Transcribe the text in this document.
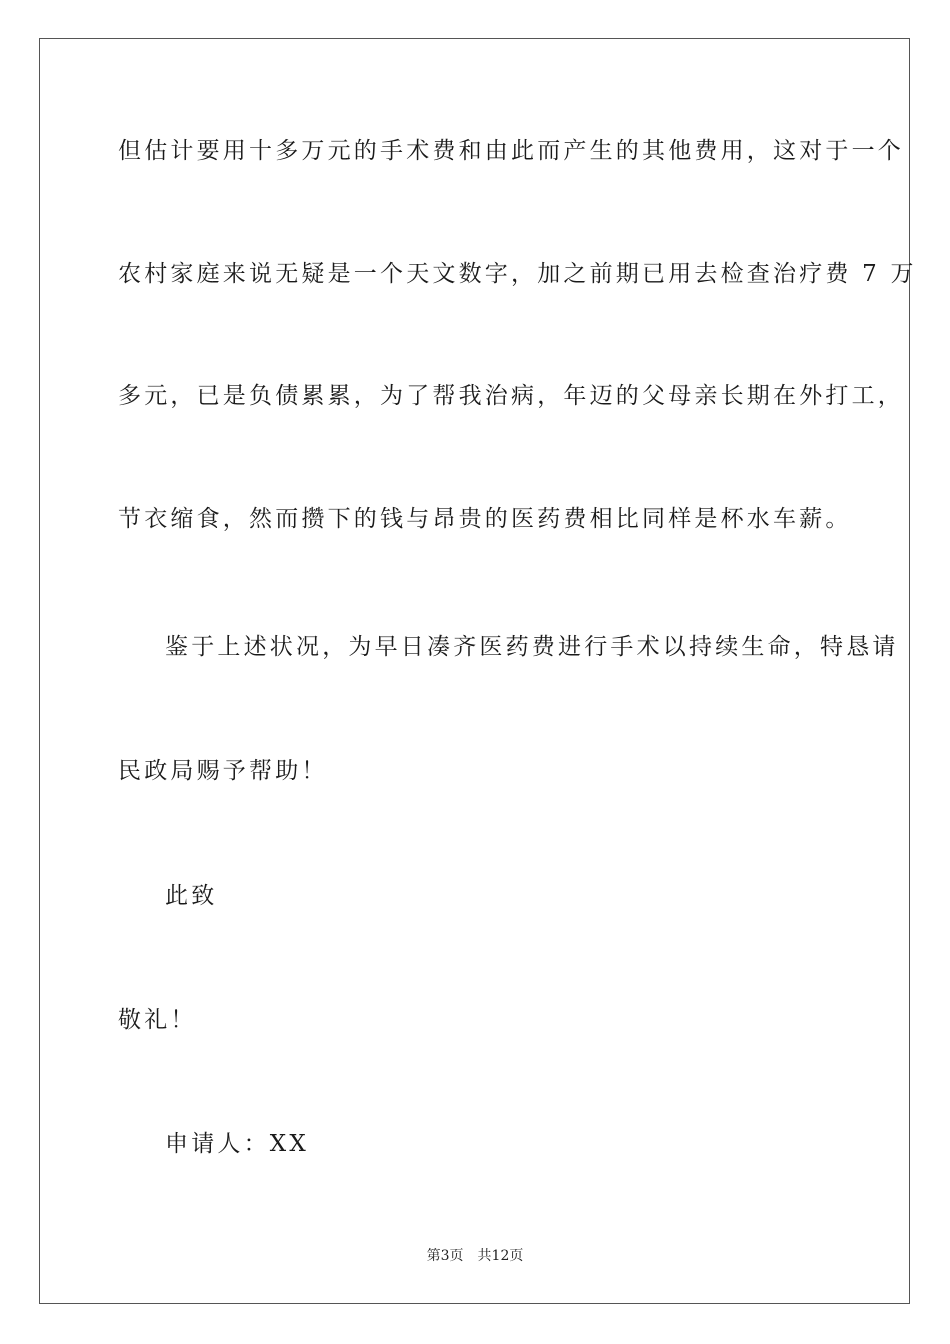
但估计要用十多万元的手术费和由此而产生的其他费用，这对于一个
农村家庭来说无疑是一个天文数字，加之前期已用去检查治疗费 7 万
多元，已是负债累累，为了帮我治病，年迈的父母亲长期在外打工，
节衣缩食，然而攒下的钱与昂贵的医药费相比同样是杯水车薪。
鉴于上述状况，为早日凑齐医药费进行手术以持续生命，特恳请
民政局赐予帮助！
此致
敬礼！
申请人：XX
第3页 共12页
